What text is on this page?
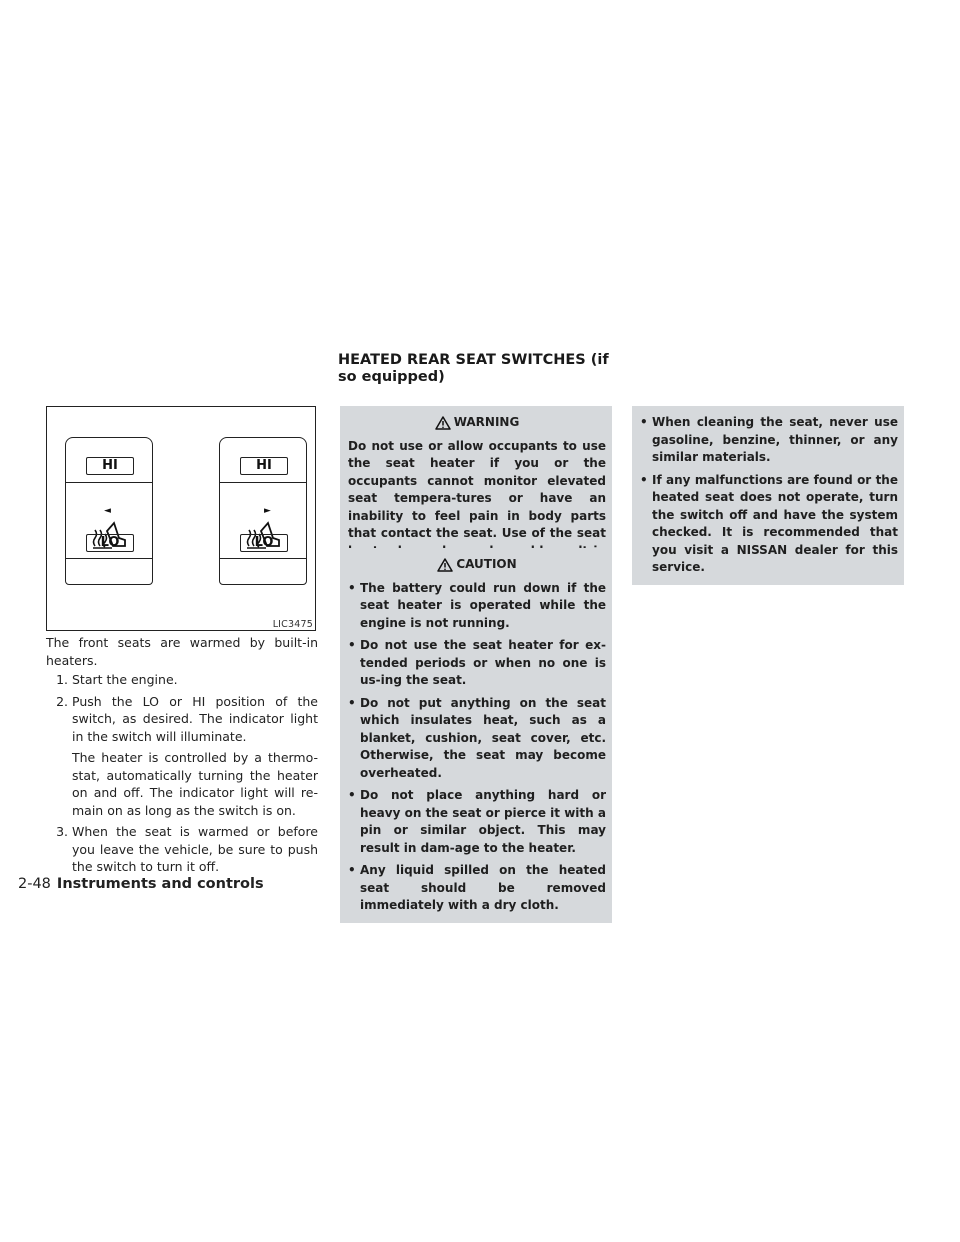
HEATED REAR SEAT SWITCHES (if so equipped)
HI
◄
LO
HI
►
LO
LIC3475
The front seats are warmed by built-in heaters.
1. Start the engine.
2. Push the LO or HI position of the switch, as desired. The indicator light in the switch will illuminate.
The heater is controlled by a thermo-stat, automatically turning the heater on and off. The indicator light will re-main on as long as the switch is on.
3. When the seat is warmed or before you leave the vehicle, be sure to push the switch to turn it off.
WARNING

Do not use or allow occupants to use the seat heater if you or the occupants cannot monitor elevated seat tempera-tures or have an inability to feel pain in body parts that contact the seat. Use of the seat

CAUTION
• The battery could run down if the seat heater is operated while the engine is not running.
• Do not use the seat heater for ex-tended periods or when no one is us-ing the seat.
• Do not put anything on the seat which insulates heat, such as a blanket, cushion, seat cover, etc. Otherwise, the seat may become overheated.
• Do not place anything hard or heavy on the seat or pierce it with a pin or similar object. This may result in dam-age to the heater.
• Any liquid spilled on the heated seat should be removed immediately with a dry cloth.
• When cleaning the seat, never use gasoline, benzine, thinner, or any similar materials.
• If any malfunctions are found or the heated seat does not operate, turn the switch off and have the system checked. It is recommended that you visit a NISSAN dealer for this service.
2-48 Instruments and controls
